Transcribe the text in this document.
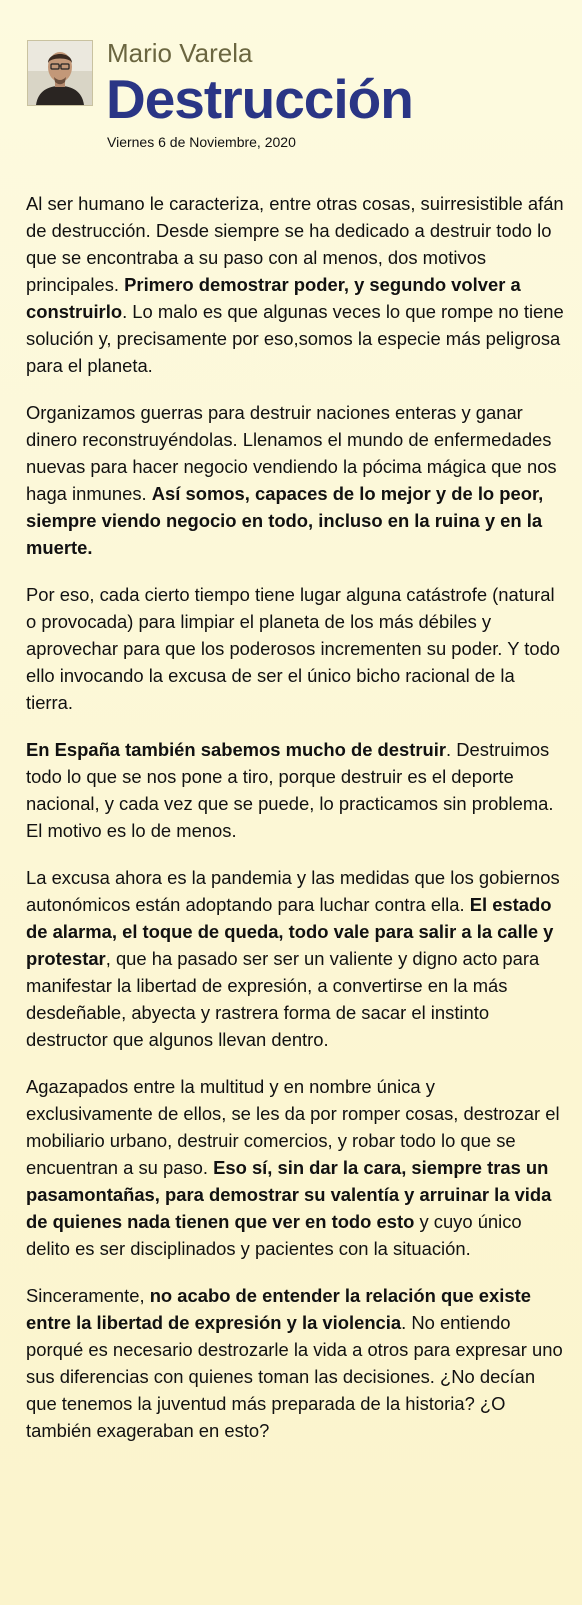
Mario Varela
Destrucción
Viernes 6 de Noviembre, 2020

Al ser humano le caracteriza, entre otras cosas, suirresistible afán de destrucción. Desde siempre se ha dedicado a destruir todo lo que se encontraba a su paso con al menos, dos motivos principales. Primero demostrar poder, y segundo volver a construirlo. Lo malo es que algunas veces lo que rompe no tiene solución y, precisamente por eso,somos la especie más peligrosa para el planeta.

Organizamos guerras para destruir naciones enteras y ganar dinero reconstruyéndolas. Llenamos el mundo de enfermedades nuevas para hacer negocio vendiendo la pócima mágica que nos haga inmunes. Así somos, capaces de lo mejor y de lo peor, siempre viendo negocio en todo, incluso en la ruina y en la muerte.

Por eso, cada cierto tiempo tiene lugar alguna catástrofe (natural o provocada) para limpiar el planeta de los más débiles y aprovechar para que los poderosos incrementen su poder. Y todo ello invocando la excusa de ser el único bicho racional de la tierra.

En España también sabemos mucho de destruir. Destruimos todo lo que se nos pone a tiro, porque destruir es el deporte nacional, y cada vez que se puede, lo practicamos sin problema. El motivo es lo de menos.

La excusa ahora es la pandemia y las medidas que los gobiernos autonómicos están adoptando para luchar contra ella. El estado de alarma, el toque de queda, todo vale para salir a la calle y protestar, que ha pasado ser ser un valiente y digno acto para manifestar la libertad de expresión, a convertirse en la más desdeñable, abyecta y rastrera forma de sacar el instinto destructor que algunos llevan dentro.

Agazapados entre la multitud y en nombre única y exclusivamente de ellos, se les da por romper cosas, destrozar el mobiliario urbano, destruir comercios, y robar todo lo que se encuentran a su paso. Eso sí, sin dar la cara, siempre tras un pasamontañas, para demostrar su valentía y arruinar la vida de quienes nada tienen que ver en todo esto y cuyo único delito es ser disciplinados y pacientes con la situación.

Sinceramente, no acabo de entender la relación que existe entre la libertad de expresión y la violencia. No entiendo porqué es necesario destrozarle la vida a otros para expresar uno sus diferencias con quienes toman las decisiones. ¿No decían que tenemos la juventud más preparada de la historia? ¿O también exageraban en esto?
